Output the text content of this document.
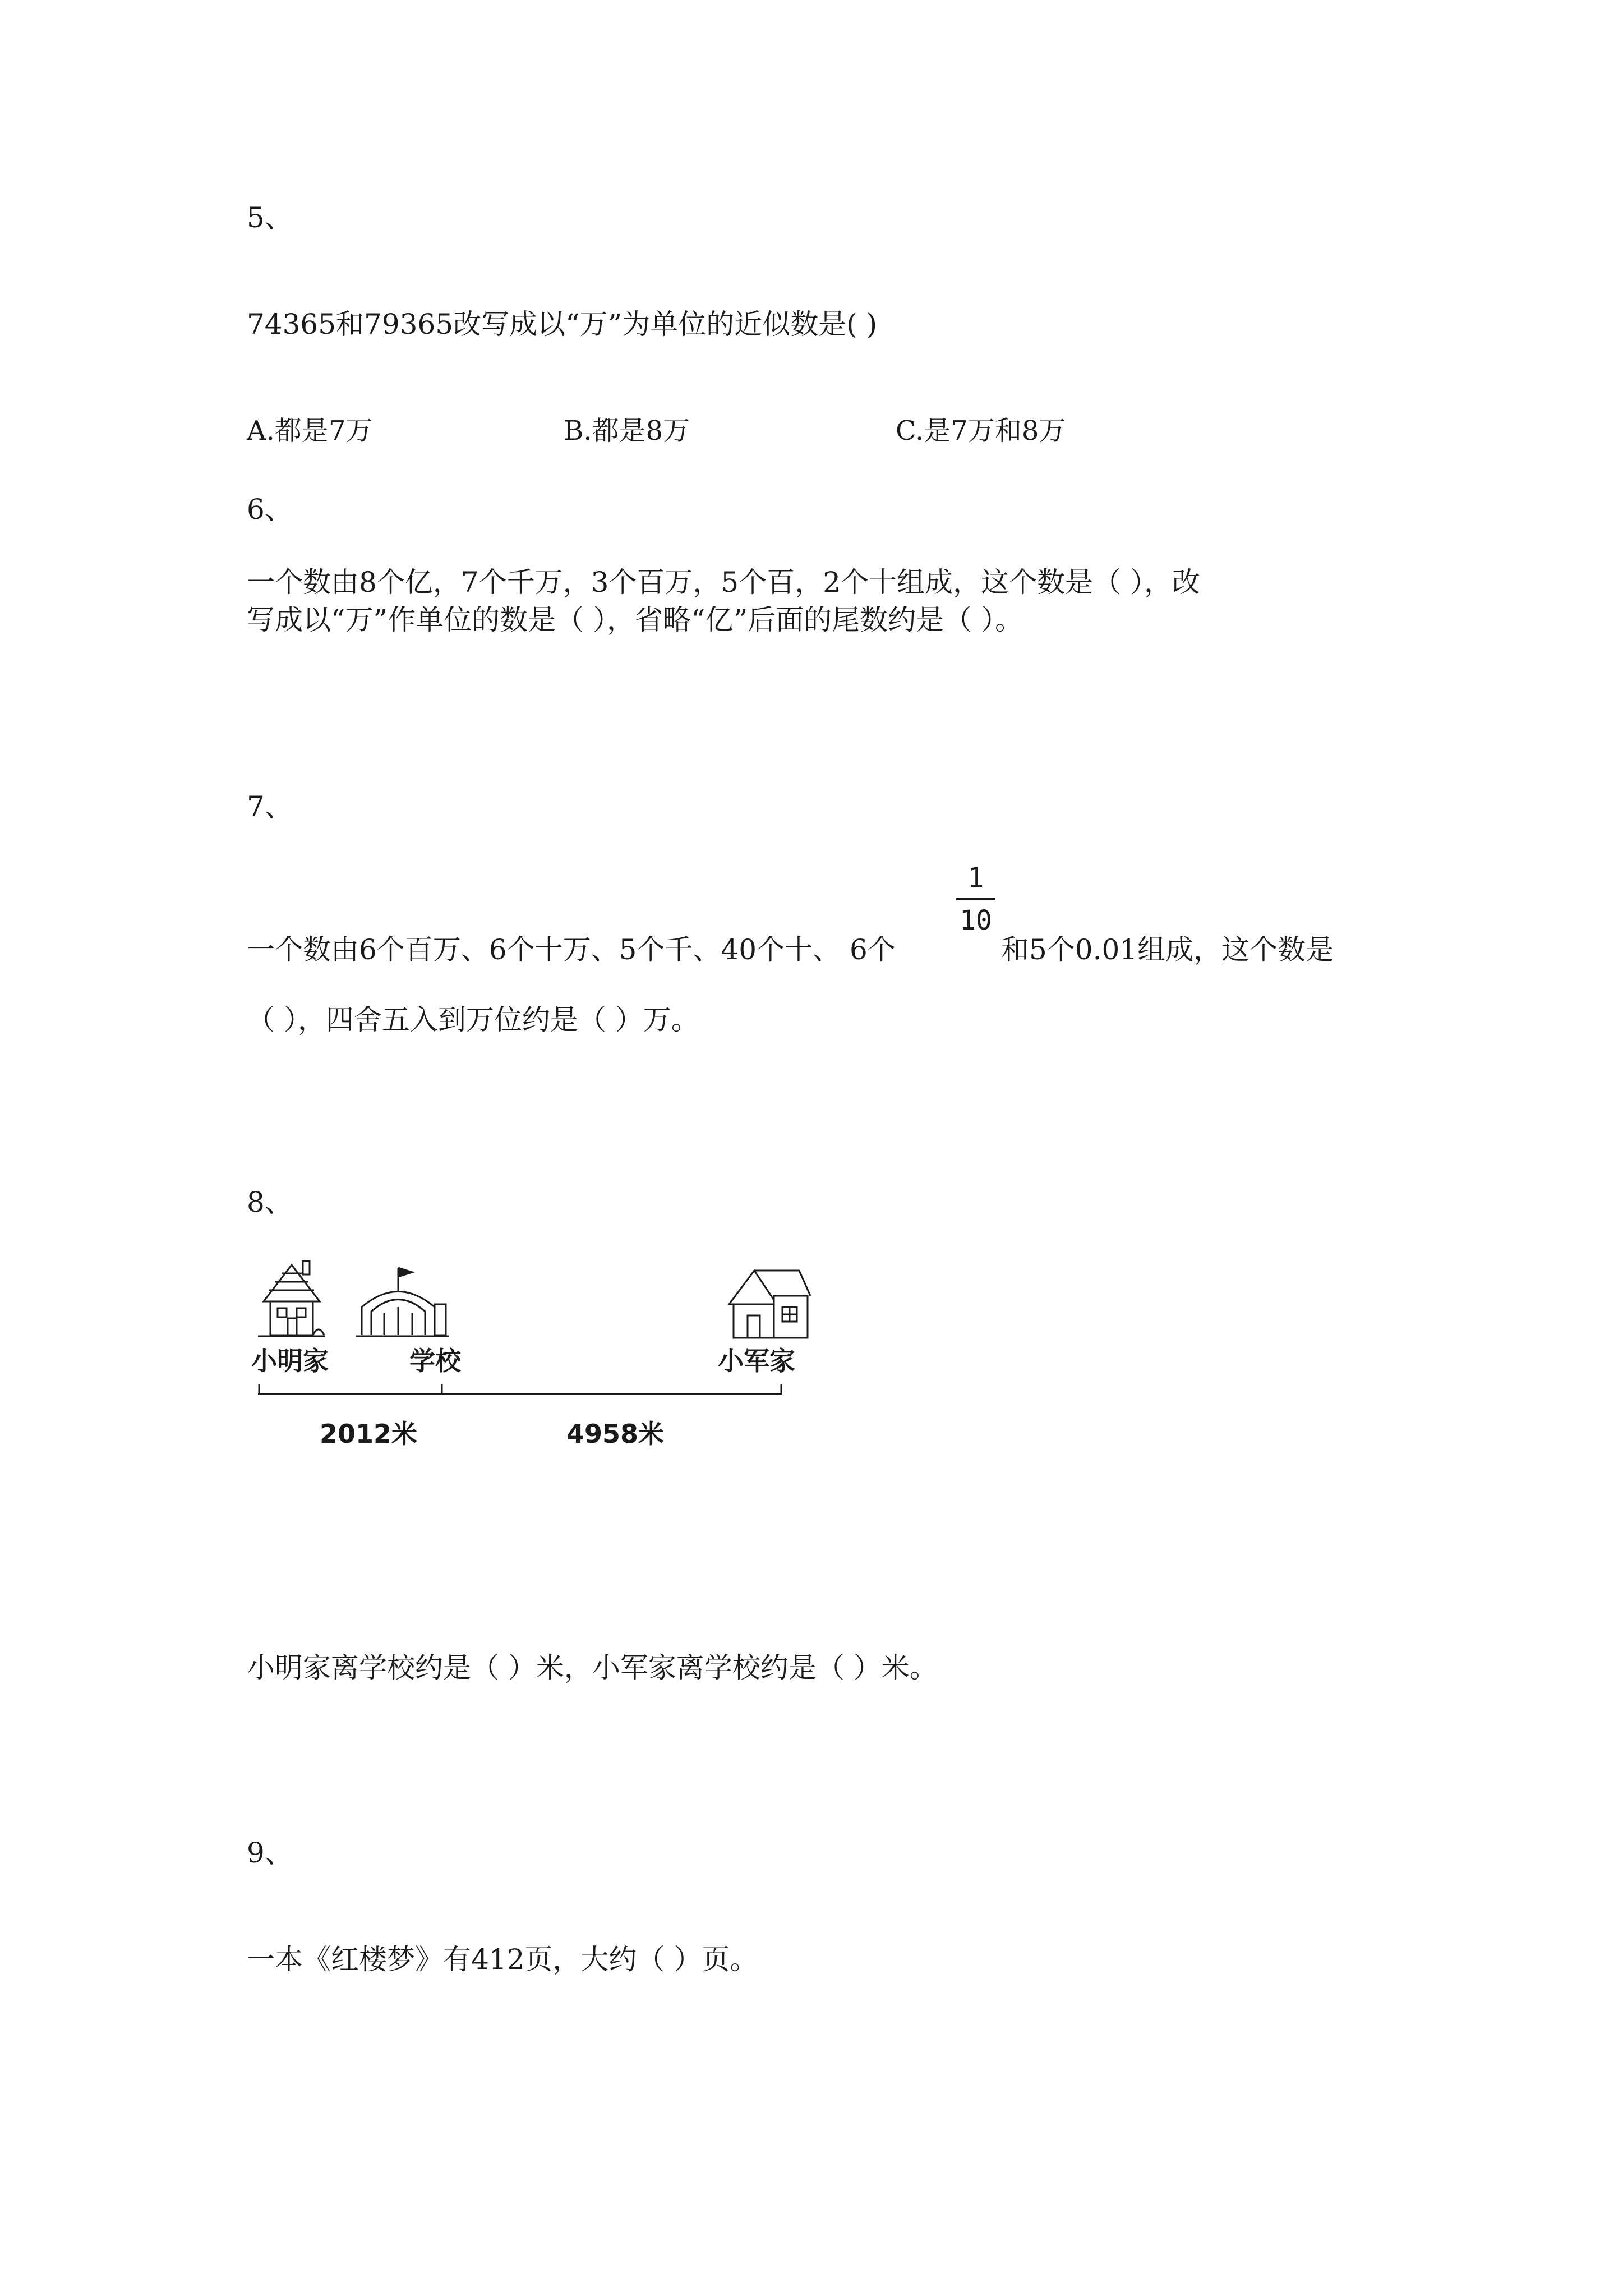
5、
74365和79365改写成以“万”为单位的近似数是( )
A.都是7万	B.都是8万	C.是7万和8万
6、
一个数由8个亿，7个千万，3个百万，5个百，2个十组成，这个数是（ ），改
写成以“万”作单位的数是（ ），省略“亿”后面的尾数约是（ ）。
7、
一个数由6个百万、6个十万、5个千、40个十、 6个
1
10
和5个0.01组成，这个数是
（ ），四舍五入到万位约是（ ）万。
8、
小明家	学校	小军家
2012米	4958米
小明家离学校约是（ ）米，小军家离学校约是（ ）米。
9、
一本《红楼梦》有412页，大约（ ）页。
